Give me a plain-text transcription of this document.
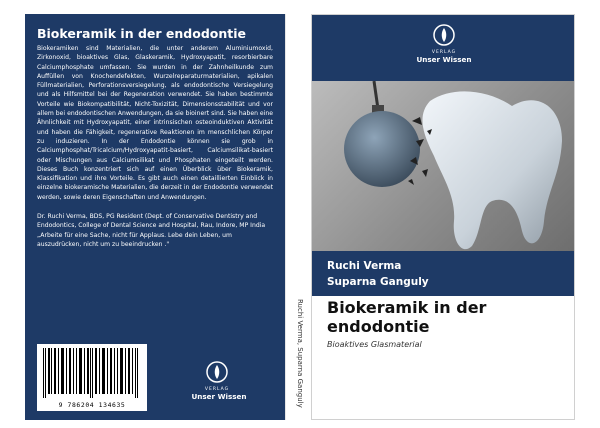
Biokeramik in der endodontie
Biokeramiken sind Materialien, die unter anderem Aluminiumoxid, Zirkonoxid, bioaktives Glas, Glaskeramik, Hydroxyapatit, resorbierbare Calciumphosphate umfassen. Sie wurden in der Zahnheilkunde zum Auffüllen von Knochendefekten, Wurzelreparaturmaterialien, apikalen Füllmaterialien, Perforationsversiegelung, als endodontische Versiegelung und als Hilfsmittel bei der Regeneration verwendet. Sie haben bestimmte Vorteile wie Biokompatibilität, Nicht-Toxizität, Dimensionsstabilität und vor allem bei endodontischen Anwendungen, da sie bioinert sind. Sie haben eine Ähnlichkeit mit Hydroxyapatit, einer intrinsischen osteoinduktiven Aktivität und haben die Fähigkeit, regenerative Reaktionen im menschlichen Körper zu induzieren. In der Endodontie können sie grob in Calciumphosphat/Tricalcium/Hydroxyapatit-basiert, Calciumsilikat-basiert oder Mischungen aus Calciumsilikat und Phosphaten eingeteilt werden. Dieses Buch konzentriert sich auf einen Überblick über Biokeramik, Klassifikation und ihre Vorteile. Es gibt auch einen detaillierten Einblick in einzelne biokeramische Materialien, die derzeit in der Endodontie verwendet werden, sowie deren Eigenschaften und Anwendungen.
Dr. Ruchi Verma, BDS, PG Resident (Dept. of Conservative Dentistry and Endodontics, College of Dental Science and Hospital, Rau, Indore, MP India „Arbeite für eine Sache, nicht für Applaus. Lebe dein Leben, um auszudrücken, nicht um zu beeindrucken ."
9 786204 134635
VERLAG
Unser Wissen	Ruchi Verma, Suparna Ganguly
VERLAG
Unser Wissen
Ruchi Verma
Suparna Ganguly
Biokeramik in der endodontie
Bioaktives Glasmaterial
